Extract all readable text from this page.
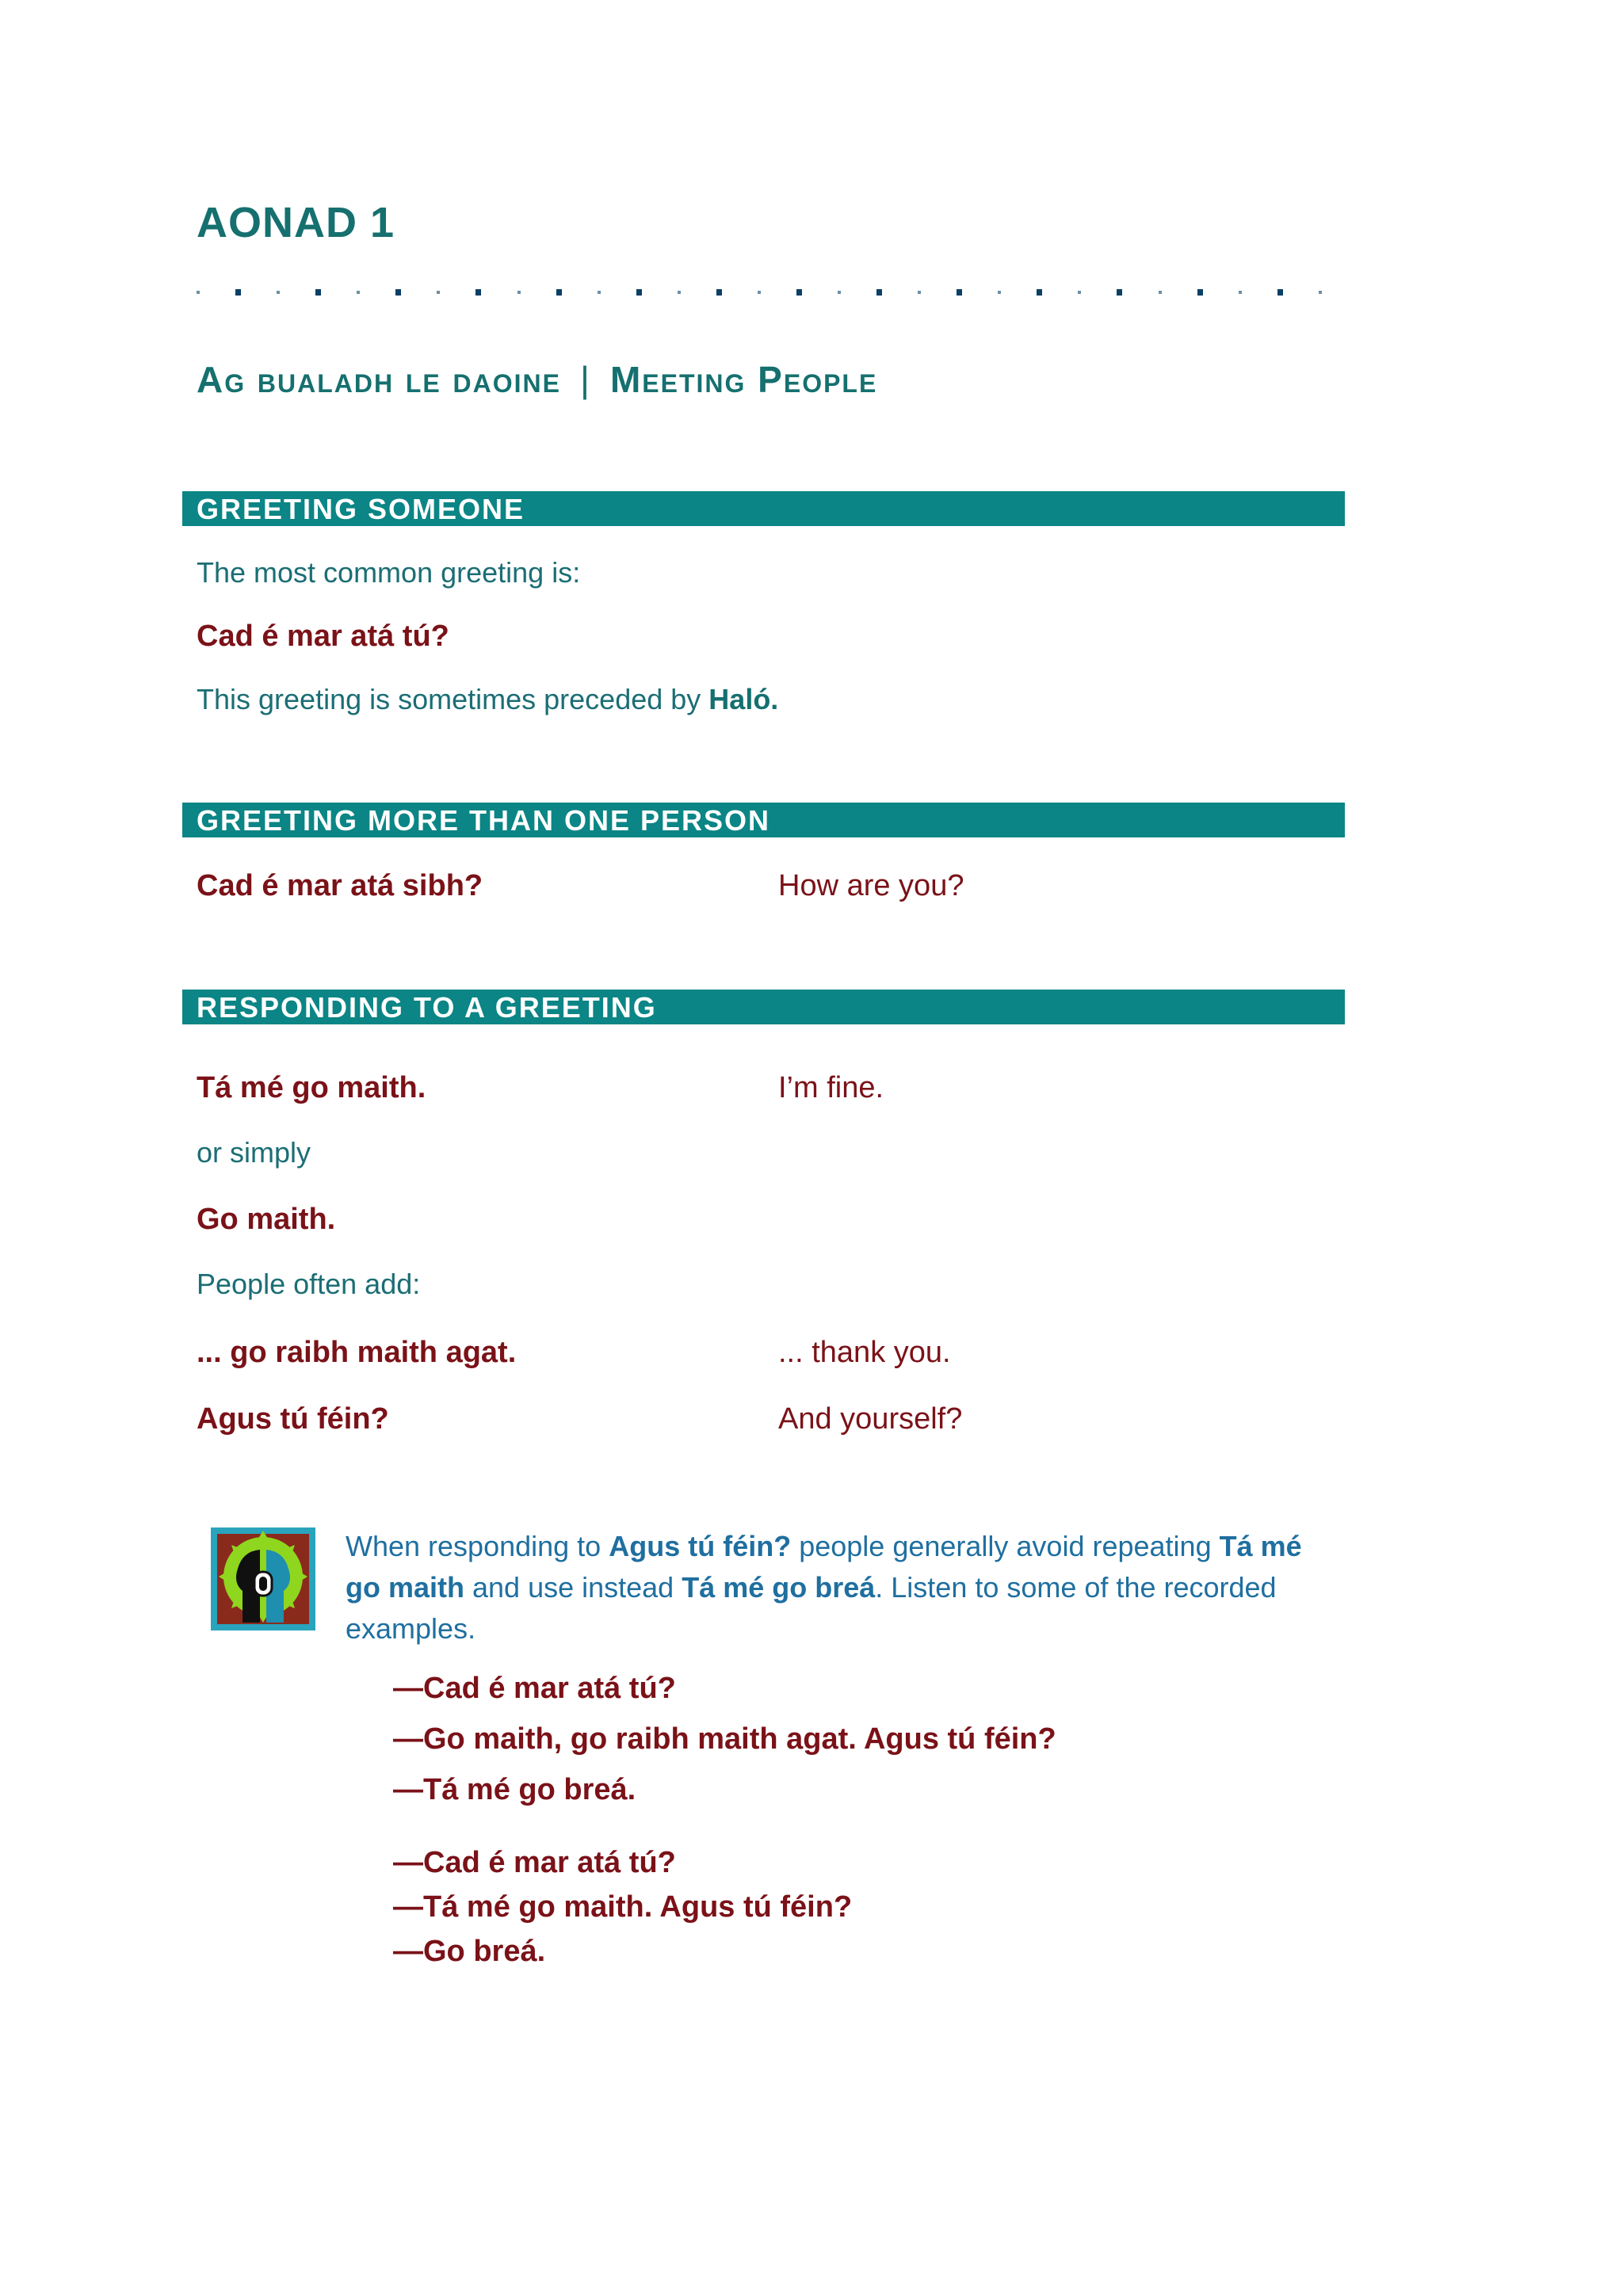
AONAD 1
Ag bualadh le daoine | Meeting People
GREETING SOMEONE
The most common greeting is:
Cad é mar atá tú?
This greeting is sometimes preceded by Haló.
GREETING MORE THAN ONE PERSON
Cad é mar atá sibh?	How are you?
RESPONDING TO A GREETING
Tá mé go maith.	I’m fine.
or simply
Go maith.
People often add:
... go raibh maith agat.	... thank you.
Agus tú féin?	And yourself?
When responding to Agus tú féin? people generally avoid repeating Tá mé go maith and use instead Tá mé go breá. Listen to some of the recorded examples.
—Cad é mar atá tú?
—Go maith, go raibh maith agat. Agus tú féin?
—Tá mé go breá.
—Cad é mar atá tú?
—Tá mé go maith. Agus tú féin?
—Go breá.
